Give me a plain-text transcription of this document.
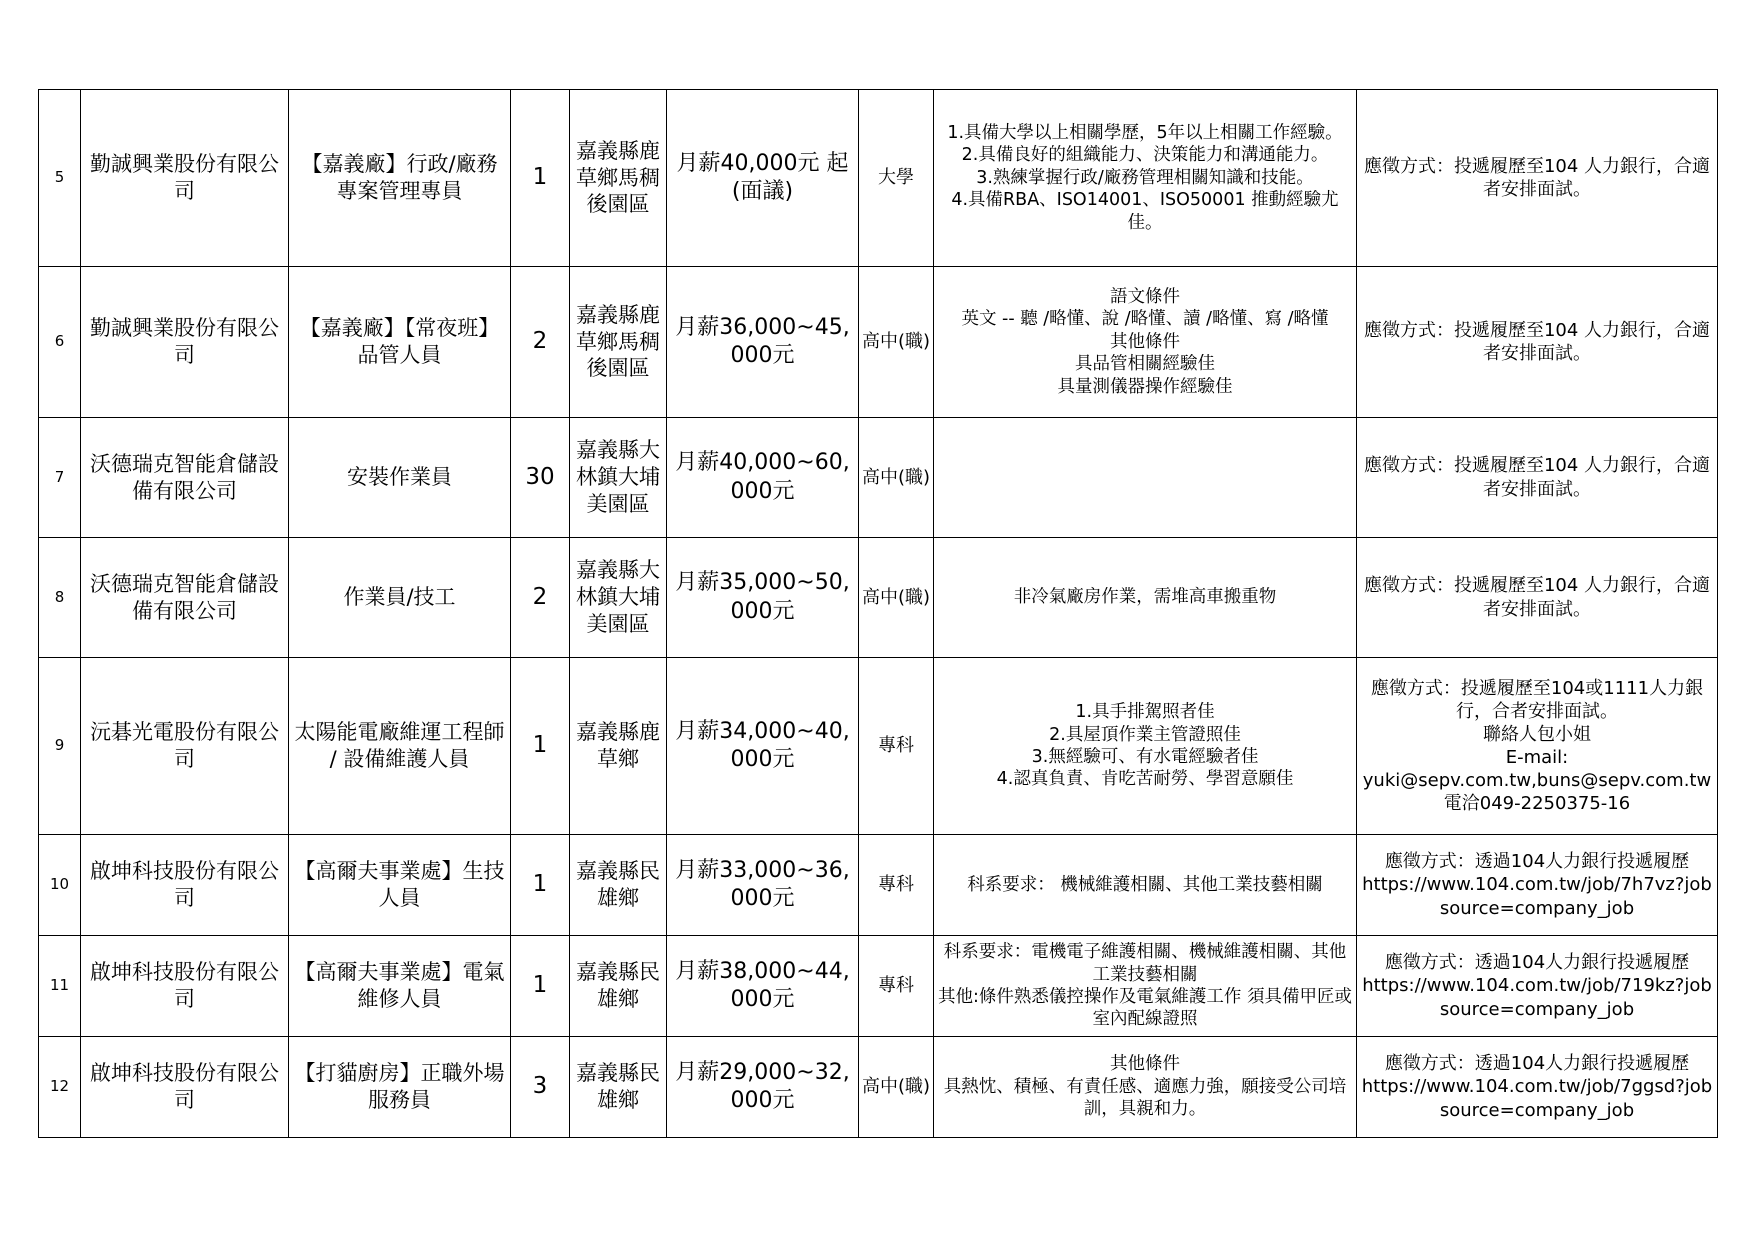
5	勤誠興業股份有限公司	【嘉義廠】行政/廠務專案管理專員	1	嘉義縣鹿草鄉馬稠後園區	月薪40,000元 起(面議)	大學	1.具備大學以上相關學歷，5年以上相關工作經驗。
2.具備良好的組織能力、決策能力和溝通能力。
3.熟練掌握行政/廠務管理相關知識和技能。
4.具備RBA、ISO14001、ISO50001 推動經驗尤佳。	應徵方式：投遞履歷至104 人力銀行，合適者安排面試。

6	勤誠興業股份有限公司	【嘉義廠】【常夜班】品管人員	2	嘉義縣鹿草鄉馬稠後園區	月薪36,000~45,000元	高中(職)	語文條件
英文 -- 聽 /略懂、說 /略懂、讀 /略懂、寫 /略懂
其他條件
具品管相關經驗佳
具量測儀器操作經驗佳	應徵方式：投遞履歷至104 人力銀行，合適者安排面試。

7	沃德瑞克智能倉儲設備有限公司	安裝作業員	30	嘉義縣大林鎮大埔美園區	月薪40,000~60,000元	高中(職)		應徵方式：投遞履歷至104 人力銀行，合適者安排面試。

8	沃德瑞克智能倉儲設備有限公司	作業員/技工	2	嘉義縣大林鎮大埔美園區	月薪35,000~50,000元	高中(職)	非冷氣廠房作業，需堆高車搬重物	應徵方式：投遞履歷至104 人力銀行，合適者安排面試。

9	沅碁光電股份有限公司	太陽能電廠維運工程師 / 設備維護人員	1	嘉義縣鹿草鄉	月薪34,000~40,000元	專科	1.具手排駕照者佳
2.具屋頂作業主管證照佳
3.無經驗可、有水電經驗者佳
4.認真負責、肯吃苦耐勞、學習意願佳	應徵方式：投遞履歷至104或1111人力銀行，合者安排面試。
聯絡人包小姐
E-mail:
yuki@sepv.com.tw,buns@sepv.com.tw
電洽049-2250375-16

10	啟坤科技股份有限公司	【高爾夫事業處】生技人員	1	嘉義縣民雄鄉	月薪33,000~36,000元	專科	科系要求： 機械維護相關、其他工業技藝相關	應徵方式：透過104人力銀行投遞履歷
https://www.104.com.tw/job/7h7vz?jobsource=company_job

11	啟坤科技股份有限公司	【高爾夫事業處】電氣維修人員	1	嘉義縣民雄鄉	月薪38,000~44,000元	專科	科系要求：電機電子維護相關、機械維護相關、其他工業技藝相關
其他:條件熟悉儀控操作及電氣維護工作 須具備甲匠或室內配線證照	應徵方式：透過104人力銀行投遞履歷
https://www.104.com.tw/job/719kz?jobsource=company_job

12	啟坤科技股份有限公司	【打貓廚房】正職外場服務員	3	嘉義縣民雄鄉	月薪29,000~32,000元	高中(職)	其他條件
具熱忱、積極、有責任感、適應力強，願接受公司培訓，具親和力。	應徵方式：透過104人力銀行投遞履歷
https://www.104.com.tw/job/7ggsd?jobsource=company_job
